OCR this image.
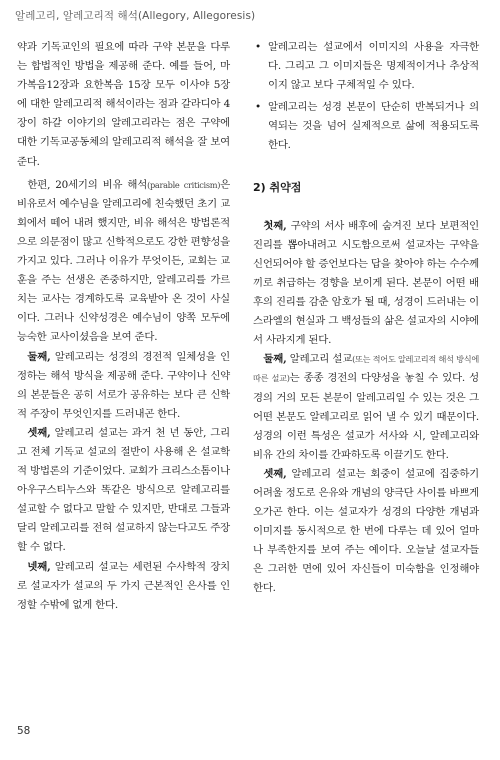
알레고리, 알레고리적 해석(Allegory, Allegoresis)

약과 기독교인의 필요에 따라 구약 본문을 다루는 합법적인 방법을 제공해 준다. 예를 들어, 마가복음12장과 요한복음 15장 모두 이사야 5장에 대한 알레고리적 해석이라는 점과 갈라디아 4장이 하갈 이야기의 알레고리라는 점은 구약에 대한 기독교공동체의 알레고리적 해석을 잘 보여 준다.

한편, 20세기의 비유 해석(parable criticism)은 비유로서 예수님을 알레고리에 친숙했던 초기 교회에서 떼어 내려 했지만, 비유 해석은 방법론적으로 의문점이 많고 신학적으로도 강한 편향성을 가지고 있다. 그러나 이유가 무엇이든, 교회는 교훈을 주는 선생은 존중하지만, 알레고리를 가르치는 교사는 경계하도록 교육받아 온 것이 사실이다. 그러나 신약성경은 예수님이 양쪽 모두에 능숙한 교사이셨음을 보여 준다.

둘째, 알레고리는 성경의 경전적 일체성을 인정하는 해석 방식을 제공해 준다. 구약이나 신약의 본문들은 공히 서로가 공유하는 보다 큰 신학적 주장이 무엇인지를 드러내곤 한다.

셋째, 알레고리 설교는 과거 천 년 동안, 그리고 전체 기독교 설교의 절반이 사용해 온 설교학적 방법론의 기준이었다. 교회가 크리스소톰이나 아우구스티누스와 똑같은 방식으로 알레고리를 설교할 수 없다고 말할 수 있지만, 반대로 그들과 달리 알레고리를 전혀 설교하지 않는다고도 주장할 수 없다.

넷째, 알레고리 설교는 세련된 수사학적 장치로 설교자가 설교의 두 가지 근본적인 은사를 인정할 수밖에 없게 한다.

• 알레고리는 설교에서 이미지의 사용을 자극한다. 그리고 그 이미지들은 명제적이거나 추상적이지 않고 보다 구체적일 수 있다.
• 알레고리는 성경 본문이 단순히 반복되거나 의역되는 것을 넘어 실제적으로 삶에 적용되도록 한다.
2) 취약점

첫째, 구약의 서사 배후에 숨겨진 보다 보편적인 진리를 뽑아내려고 시도함으로써 설교자는 구약을 신언되어야 할 증언보다는 답을 찾아야 하는 수수께끼로 취급하는 경향을 보이게 된다. 본문이 어떤 배후의 진리를 감춘 암호가 될 때, 성경이 드러내는 이스라엘의 현실과 그 백성들의 삶은 설교자의 시야에서 사라지게 된다.

둘째, 알레고리 설교(또는 적어도 알레고리적 해석 방식에 따른 설교)는 종종 경전의 다양성을 놓칠 수 있다. 성경의 거의 모든 본문이 알레고리일 수 있는 것은 그 어떤 본문도 알레고리로 읽어 낼 수 있기 때문이다. 성경의 이런 특성은 설교가 서사와 시, 알레고리와 비유 간의 차이를 간파하도록 이끌기도 한다.

셋째, 알레고리 설교는 회중이 설교에 집중하기 어려울 정도로 은유와 개념의 양극단 사이를 바쁘게 오가곤 한다. 이는 설교자가 성경의 다양한 개념과 이미지를 동시적으로 한 번에 다루는 데 있어 얼마나 부족한지를 보여 주는 예이다. 오늘날 설교자들은 그러한 면에 있어 자신들이 미숙함을 인정해야 한다.

58
